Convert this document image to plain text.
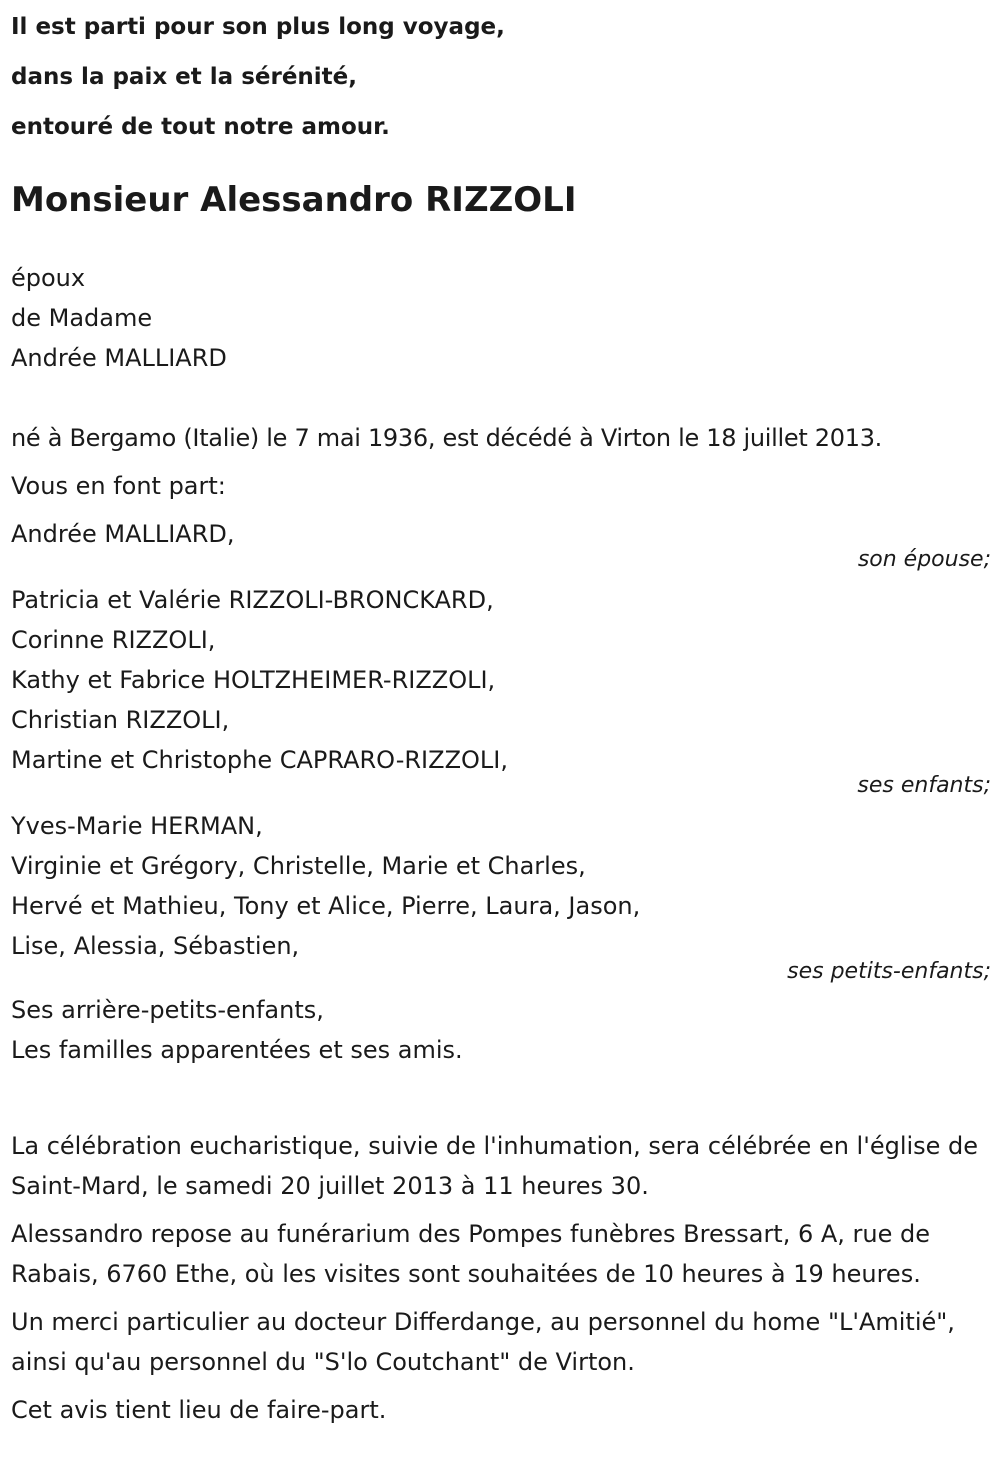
Il est parti pour son plus long voyage,
dans la paix et la sérénité,
entouré de tout notre amour.
Monsieur Alessandro RIZZOLI
époux
de Madame
Andrée MALLIARD
né à Bergamo (Italie) le 7 mai 1936, est décédé à Virton le 18 juillet 2013.
Vous en font part:
Andrée MALLIARD,
son épouse;
Patricia et Valérie RIZZOLI-BRONCKARD,
Corinne RIZZOLI,
Kathy et Fabrice HOLTZHEIMER-RIZZOLI,
Christian RIZZOLI,
Martine et Christophe CAPRARO-RIZZOLI,
ses enfants;
Yves-Marie HERMAN,
Virginie et Grégory, Christelle, Marie et Charles,
Hervé et Mathieu, Tony et Alice, Pierre, Laura, Jason,
Lise, Alessia, Sébastien,
ses petits-enfants;
Ses arrière-petits-enfants,
Les familles apparentées et ses amis.
La célébration eucharistique, suivie de l'inhumation, sera célébrée en l'église de Saint-Mard, le samedi 20 juillet 2013 à 11 heures 30.
Alessandro repose au funérarium des Pompes funèbres Bressart, 6 A, rue de Rabais, 6760 Ethe, où les visites sont souhaitées de 10 heures à 19 heures.
Un merci particulier au docteur Differdange, au personnel du home "L'Amitié", ainsi qu'au personnel du "S'lo Coutchant" de Virton.
Cet avis tient lieu de faire-part.
